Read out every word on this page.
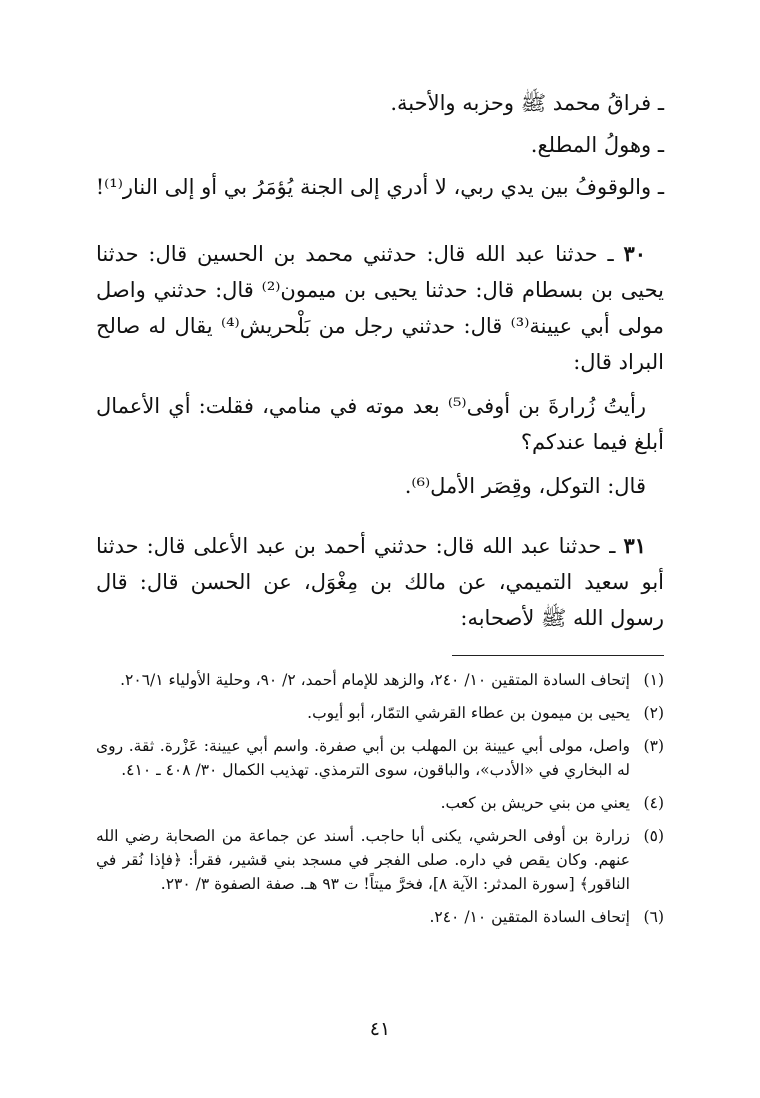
ـ فراقُ محمد ﷺ وحزبه والأحبة.
ـ وهولُ المطلع.
ـ والوقوفُ بين يدي ربي، لا أدري إلى الجنة يُؤمَرُ بي أو إلى النار⁽¹⁾!

٣٠ ـ حدثنا عبد الله قال: حدثني محمد بن الحسين قال: حدثنا يحيى بن بسطام قال: حدثنا يحيى بن ميمون⁽²⁾ قال: حدثني واصل مولى أبي عيينة⁽³⁾ قال: حدثني رجل من بَلْحريش⁽⁴⁾ يقال له صالح البراد قال:

رأيتُ زُرارةَ بن أوفى⁽⁵⁾ بعد موته في منامي، فقلت: أي الأعمال أبلغ فيما عندكم؟

قال: التوكل، وقِصَر الأمل⁽⁶⁾.

٣١ ـ حدثنا عبد الله قال: حدثني أحمد بن عبد الأعلى قال: حدثنا أبو سعيد التميمي، عن مالك بن مِغْوَل، عن الحسن قال: قال رسول الله ﷺ لأصحابه:

(١)
إتحاف السادة المتقين ١٠/ ٢٤٠، والزهد للإمام أحمد، ٢/ ٩٠، وحلية الأولياء ٢٠٦/١.
(٢)
يحيى بن ميمون بن عطاء القرشي التمّار، أبو أيوب.
(٣)
واصل، مولى أبي عيينة بن المهلب بن أبي صفرة. واسم أبي عيينة: عَزْرة. ثقة. روى له البخاري في «الأدب»، والباقون، سوى الترمذي. تهذيب الكمال ٣٠/ ٤٠٨ ـ ٤١٠.
(٤)
يعني من بني حريش بن كعب.
(٥)
زرارة بن أوفى الحرشي، يكنى أبا حاجب. أسند عن جماعة من الصحابة رضي الله عنهم. وكان يقص في داره. صلى الفجر في مسجد بني قشير، فقرأ: ﴿فإذا نُقر في الناقور﴾ [سورة المدثر: الآية ٨]، فخرَّ ميتاً! ت ٩٣ هـ. صفة الصفوة ٣/ ٢٣٠.
(٦)
إتحاف السادة المتقين ١٠/ ٢٤٠.
٤١
